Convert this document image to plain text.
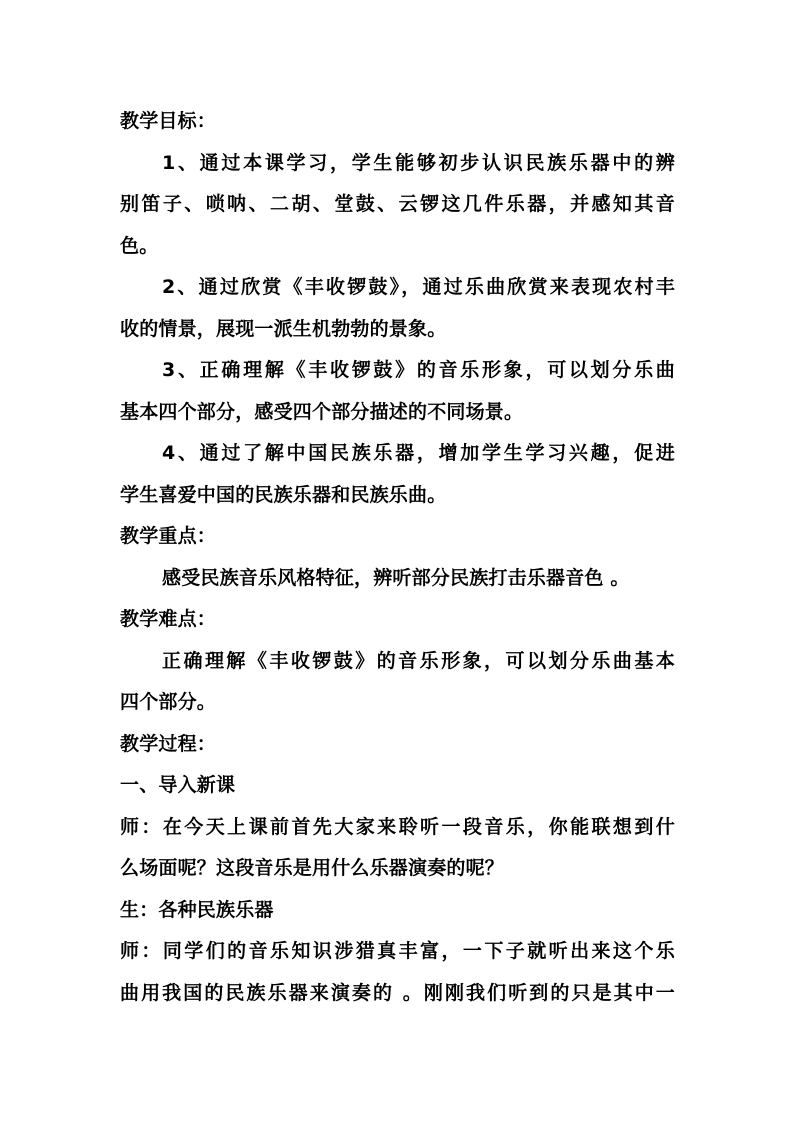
教学目标：
1、通过本课学习，学生能够初步认识民族乐器中的辨
别笛子、唢呐、二胡、堂鼓、云锣这几件乐器，并感知其音
色。
2、通过欣赏《丰收锣鼓》，通过乐曲欣赏来表现农村丰
收的情景，展现一派生机勃勃的景象。
3、正确理解《丰收锣鼓》的音乐形象，可以划分乐曲
基本四个部分，感受四个部分描述的不同场景。
4、通过了解中国民族乐器，增加学生学习兴趣，促进
学生喜爱中国的民族乐器和民族乐曲。
教学重点：
感受民族音乐风格特征，辨听部分民族打击乐器音色 。
教学难点：
正确理解《丰收锣鼓》的音乐形象，可以划分乐曲基本
四个部分。
教学过程：
一、导入新课
师：在今天上课前首先大家来聆听一段音乐，你能联想到什
么场面呢？这段音乐是用什么乐器演奏的呢？
生：各种民族乐器
师：同学们的音乐知识涉猎真丰富，一下子就听出来这个乐
曲用我国的民族乐器来演奏的 。刚刚我们听到的只是其中一
